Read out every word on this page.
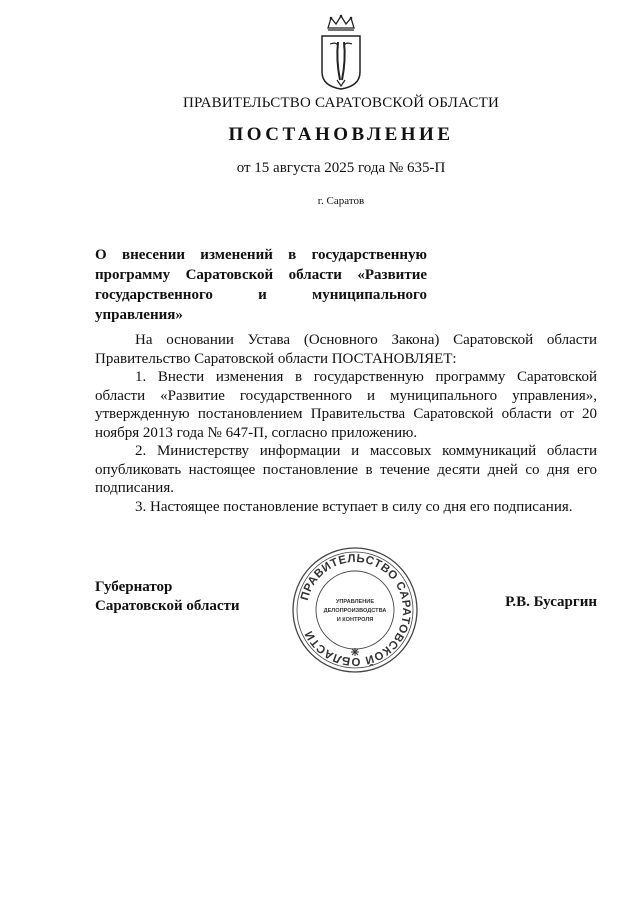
ПРАВИТЕЛЬСТВО САРАТОВСКОЙ ОБЛАСТИ
ПОСТАНОВЛЕНИЕ
от 15 августа 2025 года № 635-П
г. Саратов
О внесении изменений в государственную программу Саратовской области «Развитие государственного и муниципального управления»

На основании Устава (Основного Закона) Саратовской области Правительство Саратовской области ПОСТАНОВЛЯЕТ:

1. Внести изменения в государственную программу Саратовской области «Развитие государственного и муниципального управления», утвержденную постановлением Правительства Саратовской области от 20 ноября 2013 года № 647-П, согласно приложению.

2. Министерству информации и массовых коммуникаций области опубликовать настоящее постановление в течение десяти дней со дня его подписания.

3. Настоящее постановление вступает в силу со дня его подписания.

Губернатор
Саратовской области
ПРАВИТЕЛЬСТВО САРАТОВСКОЙ ОБЛАСТИ
УПРАВЛЕНИЕ
ДЕЛОПРОИЗВОДСТВА
И КОНТРОЛЯ
Р.В. Бусаргин
